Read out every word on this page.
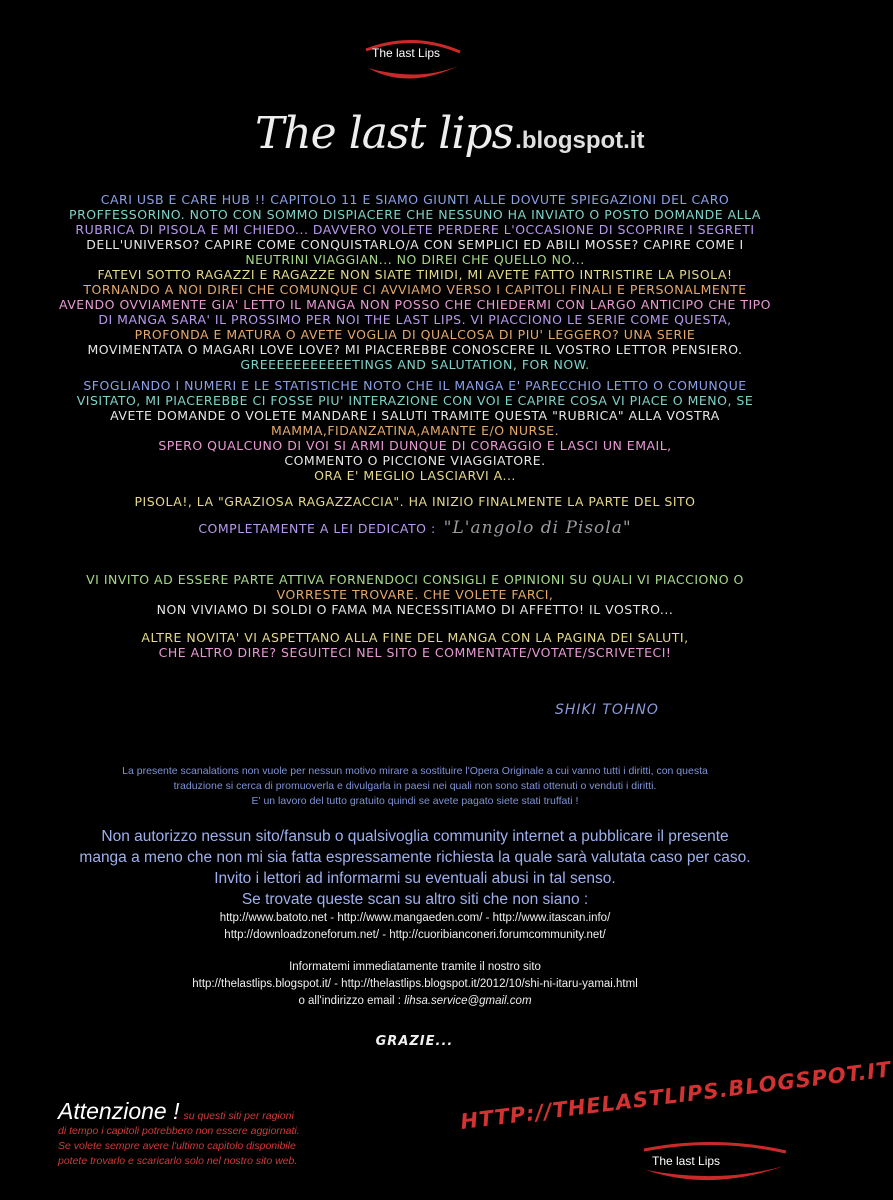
The last Lips
The last lips.blogspot.it
CARI USB E CARE HUB !! CAPITOLO 11 E SIAMO GIUNTI ALLE DOVUTE SPIEGAZIONI DEL CARO
PROFFESSORINO. NOTO CON SOMMO DISPIACERE CHE NESSUNO HA INVIATO O POSTO DOMANDE ALLA
RUBRICA DI PISOLA E MI CHIEDO... DAVVERO VOLETE PERDERE L'OCCASIONE DI SCOPRIRE I SEGRETI
DELL'UNIVERSO? CAPIRE COME CONQUISTARLO/A CON SEMPLICI ED ABILI MOSSE? CAPIRE COME I
NEUTRINI VIAGGIAN... NO DIREI CHE QUELLO NO...
FATEVI SOTTO RAGAZZI E RAGAZZE NON SIATE TIMIDI, MI AVETE FATTO INTRISTIRE LA PISOLA!
TORNANDO A NOI DIREI CHE COMUNQUE CI AVVIAMO VERSO I CAPITOLI FINALI E PERSONALMENTE
AVENDO OVVIAMENTE GIA' LETTO IL MANGA NON POSSO CHE CHIEDERMI CON LARGO ANTICIPO CHE TIPO
DI MANGA SARA' IL PROSSIMO PER NOI THE LAST LIPS. VI PIACCIONO LE SERIE COME QUESTA,
PROFONDA E MATURA O AVETE VOGLIA DI QUALCOSA DI PIU' LEGGERO? UNA SERIE
MOVIMENTATA O MAGARI LOVE LOVE? MI PIACEREBBE CONOSCERE IL VOSTRO LETTOR PENSIERO.
GREEEEEEEEEEETINGS AND SALUTATION, FOR NOW.
SFOGLIANDO I NUMERI E LE STATISTICHE NOTO CHE IL MANGA E' PARECCHIO LETTO O COMUNQUE
VISITATO, MI PIACEREBBE CI FOSSE PIU' INTERAZIONE CON VOI E CAPIRE COSA VI PIACE O MENO, SE
AVETE DOMANDE O VOLETE MANDARE I SALUTI TRAMITE QUESTA "RUBRICA" ALLA VOSTRA
MAMMA,FIDANZATINA,AMANTE E/O NURSE.
SPERO QUALCUNO DI VOI SI ARMI DUNQUE DI CORAGGIO E LASCI UN EMAIL,
COMMENTO O PICCIONE VIAGGIATORE.
ORA E' MEGLIO LASCIARVI A...
PISOLA!, LA "GRAZIOSA RAGAZZACCIA". HA INIZIO FINALMENTE LA PARTE DEL SITO
COMPLETAMENTE A LEI DEDICATO : "L'angolo di Pisola"
VI INVITO AD ESSERE PARTE ATTIVA FORNENDOCI CONSIGLI E OPINIONI SU QUALI VI PIACCIONO O
VORRESTE TROVARE. CHE VOLETE FARCI,
NON VIVIAMO DI SOLDI O FAMA MA NECESSITIAMO DI AFFETTO! IL VOSTRO...
ALTRE NOVITA' VI ASPETTANO ALLA FINE DEL MANGA CON LA PAGINA DEI SALUTI,
CHE ALTRO DIRE? SEGUITECI NEL SITO E COMMENTATE/VOTATE/SCRIVETECI!
SHIKI TOHNO
La presente scanalations non vuole per nessun motivo mirare a sostituire l'Opera Originale a cui vanno tutti i diritti, con questa
traduzione si cerca di promuoverla e divulgarla in paesi nei quali non sono stati ottenuti o venduti i diritti.
E' un lavoro del tutto gratuito quindi se avete pagato siete stati truffati !
Non autorizzo nessun sito/fansub o qualsivoglia community internet a pubblicare il presente
manga a meno che non mi sia fatta espressamente richiesta la quale sarà valutata caso per caso.
Invito i lettori ad informarmi su eventuali abusi in tal senso.
Se trovate queste scan su altro siti che non siano :
http://www.batoto.net - http://www.mangaeden.com/ - http://www.itascan.info/
http://downloadzoneforum.net/ - http://cuoribianconeri.forumcommunity.net/
Informatemi immediatamente tramite il nostro sito
http://thelastlips.blogspot.it/ - http://thelastlips.blogspot.it/2012/10/shi-ni-itaru-yamai.html
o all'indirizzo email : lihsa.service@gmail.com
GRAZIE...
Attenzione ! su questi siti per ragioni
di tempo i capitoli potrebbero non essere aggiornati.
Se volete sempre avere l'ultimo capitolo disponibile
potete trovarlo e scaricarlo solo nel nostro sito web.
HTTP://THELASTLIPS.BLOGSPOT.IT
The last Lips
